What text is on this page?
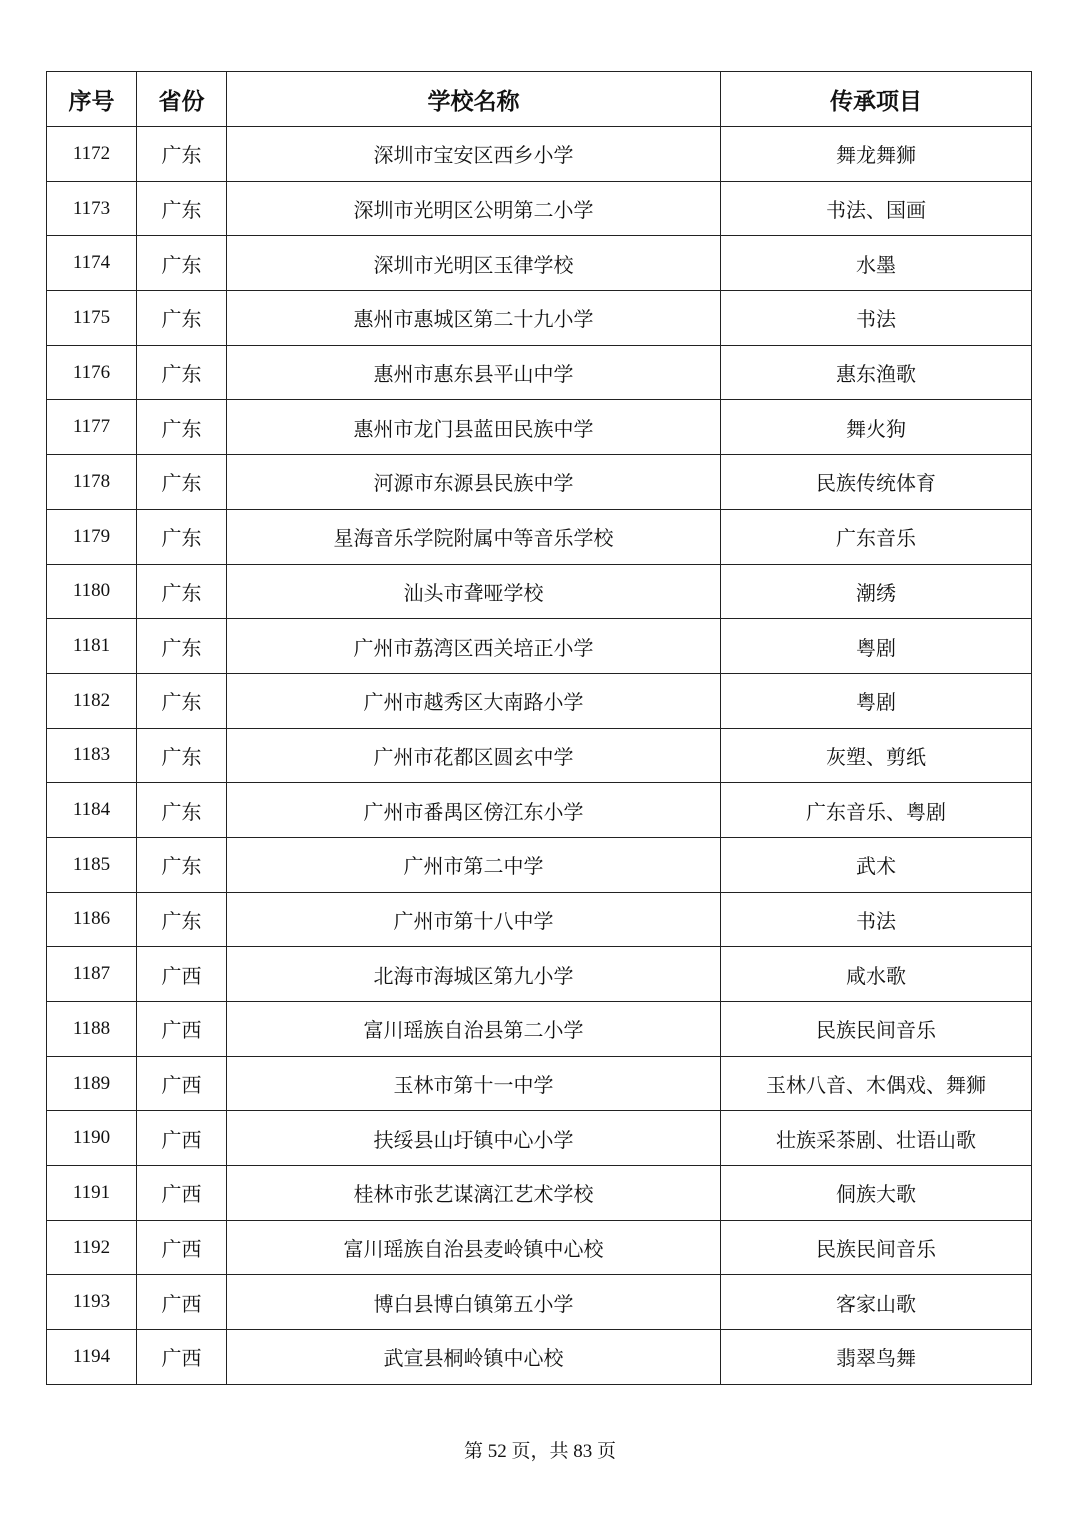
序号	省份	学校名称	传承项目
1172	广东	深圳市宝安区西乡小学	舞龙舞狮
1173	广东	深圳市光明区公明第二小学	书法、国画
1174	广东	深圳市光明区玉律学校	水墨
1175	广东	惠州市惠城区第二十九小学	书法
1176	广东	惠州市惠东县平山中学	惠东渔歌
1177	广东	惠州市龙门县蓝田民族中学	舞火狗
1178	广东	河源市东源县民族中学	民族传统体育
1179	广东	星海音乐学院附属中等音乐学校	广东音乐
1180	广东	汕头市聋哑学校	潮绣
1181	广东	广州市荔湾区西关培正小学	粤剧
1182	广东	广州市越秀区大南路小学	粤剧
1183	广东	广州市花都区圆玄中学	灰塑、剪纸
1184	广东	广州市番禺区傍江东小学	广东音乐、粤剧
1185	广东	广州市第二中学	武术
1186	广东	广州市第十八中学	书法
1187	广西	北海市海城区第九小学	咸水歌
1188	广西	富川瑶族自治县第二小学	民族民间音乐
1189	广西	玉林市第十一中学	玉林八音、木偶戏、舞狮
1190	广西	扶绥县山圩镇中心小学	壮族采茶剧、壮语山歌
1191	广西	桂林市张艺谋漓江艺术学校	侗族大歌
1192	广西	富川瑶族自治县麦岭镇中心校	民族民间音乐
1193	广西	博白县博白镇第五小学	客家山歌
1194	广西	武宣县桐岭镇中心校	翡翠鸟舞
第 52 页，共 83 页
